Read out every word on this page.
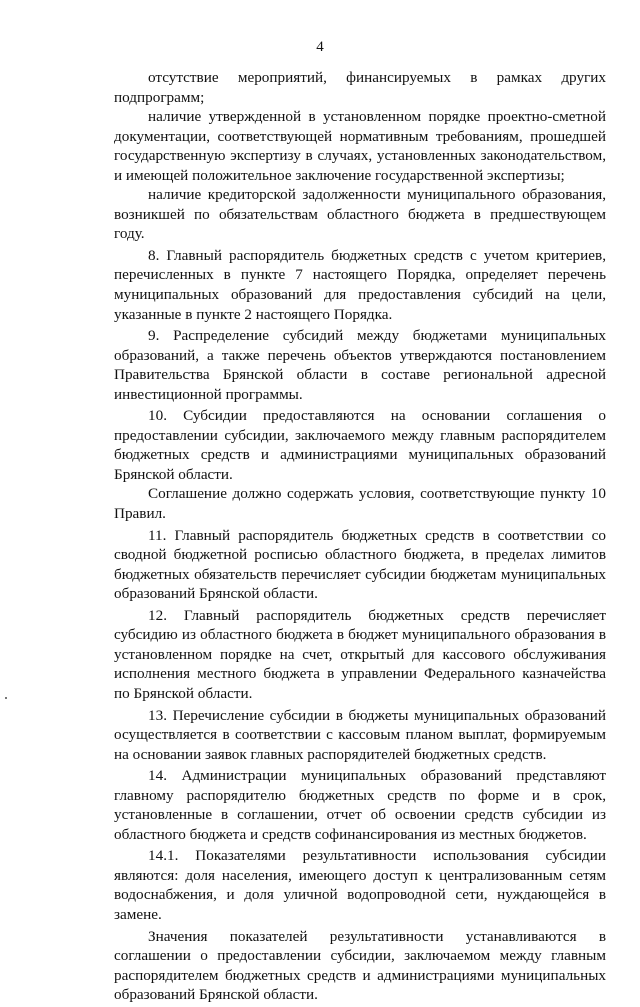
4

отсутствие мероприятий, финансируемых в рамках других подпрограмм;

наличие утвержденной в установленном порядке проектно-сметной документации, соответствующей нормативным требованиям, прошедшей государственную экспертизу в случаях, установленных законодательством, и имеющей положительное заключение государственной экспертизы;

наличие кредиторской задолженности муниципального образования, возникшей по обязательствам областного бюджета в предшествующем году.

8. Главный распорядитель бюджетных средств с учетом критериев, перечисленных в пункте 7 настоящего Порядка, определяет перечень муниципальных образований для предоставления субсидий на цели, указанные в пункте 2 настоящего Порядка.

9. Распределение субсидий между бюджетами муниципальных образований, а также перечень объектов утверждаются постановлением Правительства Брянской области в составе региональной адресной инвестиционной программы.

10. Субсидии предоставляются на основании соглашения о предоставлении субсидии, заключаемого между главным распорядителем бюджетных средств и администрациями муниципальных образований Брянской области.

Соглашение должно содержать условия, соответствующие пункту 10 Правил.

11. Главный распорядитель бюджетных средств в соответствии со сводной бюджетной росписью областного бюджета, в пределах лимитов бюджетных обязательств перечисляет субсидии бюджетам муниципальных образований Брянской области.

12. Главный распорядитель бюджетных средств перечисляет субсидию из областного бюджета в бюджет муниципального образования в установленном порядке на счет, открытый для кассового обслуживания исполнения местного бюджета в управлении Федерального казначейства по Брянской области.

13. Перечисление субсидии в бюджеты муниципальных образований осуществляется в соответствии с кассовым планом выплат, формируемым на основании заявок главных распорядителей бюджетных средств.

14. Администрации муниципальных образований представляют главному распорядителю бюджетных средств по форме и в срок, установленные в соглашении, отчет об освоении средств субсидии из областного бюджета и средств софинансирования из местных бюджетов.

14.1. Показателями результативности использования субсидии являются: доля населения, имеющего доступ к централизованным сетям водоснабжения, и доля уличной водопроводной сети, нуждающейся в замене.

Значения показателей результативности устанавливаются в соглашении о предоставлении субсидии, заключаемом между главным распорядителем бюджетных средств и администрациями муниципальных образований Брянской области.
